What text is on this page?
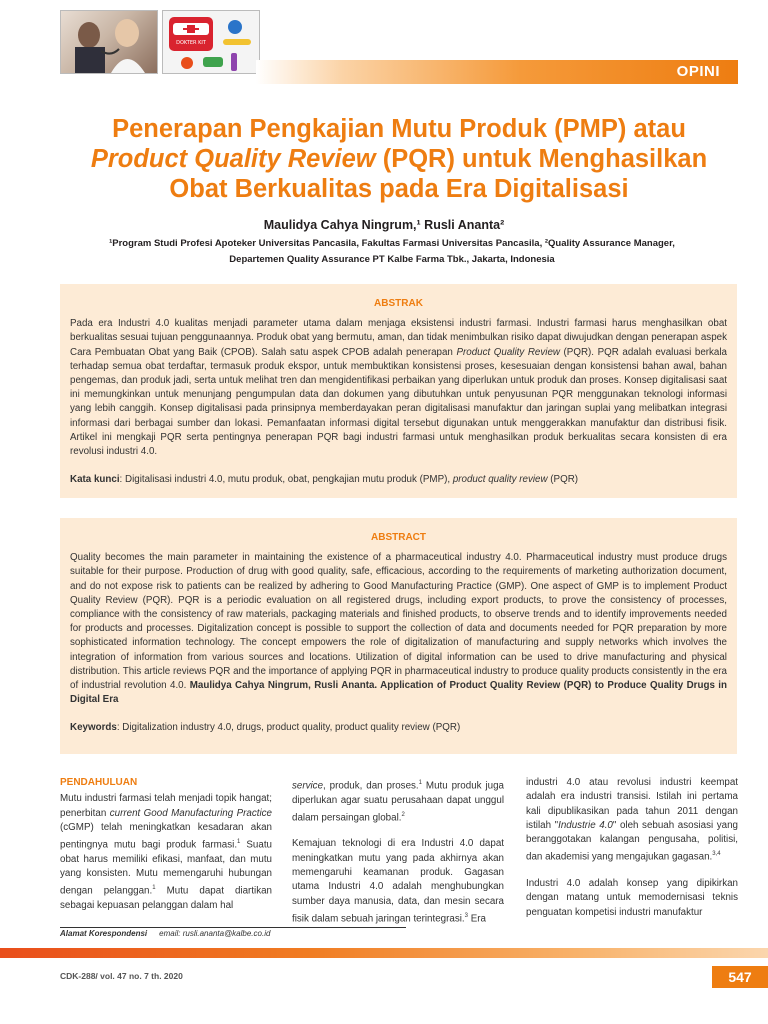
DOKTER KIT
OPINI
Penerapan Pengkajian Mutu Produk (PMP) atau
Product Quality Review (PQR) untuk Menghasilkan
Obat Berkualitas pada Era Digitalisasi
Maulidya Cahya Ningrum,¹ Rusli Ananta²
¹Program Studi Profesi Apoteker Universitas Pancasila, Fakultas Farmasi Universitas Pancasila, ²Quality Assurance Manager,
Departemen Quality Assurance PT Kalbe Farma Tbk., Jakarta, Indonesia
ABSTRAK
Pada era Industri 4.0 kualitas menjadi parameter utama dalam menjaga eksistensi industri farmasi. Industri farmasi harus menghasilkan obat berkualitas sesuai tujuan penggunaannya. Produk obat yang bermutu, aman, dan tidak menimbulkan risiko dapat diwujudkan dengan penerapan aspek Cara Pembuatan Obat yang Baik (CPOB). Salah satu aspek CPOB adalah penerapan Product Quality Review (PQR). PQR adalah evaluasi berkala terhadap semua obat terdaftar, termasuk produk ekspor, untuk membuktikan konsistensi proses, kesesuaian dengan konsistensi bahan awal, bahan pengemas, dan produk jadi, serta untuk melihat tren dan mengidentifikasi perbaikan yang diperlukan untuk produk dan proses. Konsep digitalisasi saat ini memungkinkan untuk menunjang pengumpulan data dan dokumen yang dibutuhkan untuk penyusunan PQR menggunakan teknologi informasi yang lebih canggih. Konsep digitalisasi pada prinsipnya memberdayakan peran digitalisasi manufaktur dan jaringan suplai yang melibatkan integrasi informasi dari berbagai sumber dan lokasi. Pemanfaatan informasi digital tersebut digunakan untuk menggerakkan manufaktur dan distribusi fisik. Artikel ini mengkaji PQR serta pentingnya penerapan PQR bagi industri farmasi untuk menghasilkan produk berkualitas secara konsisten di era revolusi industri 4.0.
Kata kunci: Digitalisasi industri 4.0, mutu produk, obat, pengkajian mutu produk (PMP), product quality review (PQR)
ABSTRACT
Quality becomes the main parameter in maintaining the existence of a pharmaceutical industry 4.0. Pharmaceutical industry must produce drugs suitable for their purpose. Production of drug with good quality, safe, efficacious, according to the requirements of marketing authorization document, and do not expose risk to patients can be realized by adhering to Good Manufacturing Practice (GMP). One aspect of GMP is to implement Product Quality Review (PQR). PQR is a periodic evaluation on all registered drugs, including export products, to prove the consistency of processes, compliance with the consistency of raw materials, packaging materials and finished products, to observe trends and to identify improvements needed for products and processes. Digitalization concept is possible to support the collection of data and documents needed for PQR preparation by more sophisticated information technology. The concept empowers the role of digitalization of manufacturing and supply networks which involves the integration of information from various sources and locations. Utilization of digital information can be used to drive manufacturing and physical distribution. This article reviews PQR and the importance of applying PQR in pharmaceutical industry to produce quality products consistently in the era of industrial revolution 4.0. Maulidya Cahya Ningrum, Rusli Ananta. Application of Product Quality Review (PQR) to Produce Quality Drugs in Digital Era
Keywords: Digitalization industry 4.0, drugs, product quality, product quality review (PQR)
PENDAHULUAN
Mutu industri farmasi telah menjadi topik hangat; penerbitan current Good Manufacturing Practice (cGMP) telah meningkatkan kesadaran akan pentingnya mutu bagi produk farmasi.$^1$ Suatu obat harus memiliki efikasi, manfaat, dan mutu yang konsisten. Mutu memengaruhi hubungan dengan pelanggan.$^1$ Mutu dapat diartikan sebagai kepuasan pelanggan dalam hal
service, produk, dan proses.$^1$ Mutu produk juga diperlukan agar suatu perusahaan dapat unggul dalam persaingan global.$^2$
Kemajuan teknologi di era Industri 4.0 dapat meningkatkan mutu yang pada akhirnya akan memengaruhi keamanan produk. Gagasan utama Industri 4.0 adalah menghubungkan sumber daya manusia, data, dan mesin secara fisik dalam sebuah jaringan terintegrasi.$^3$ Era
industri 4.0 atau revolusi industri keempat adalah era industri transisi. Istilah ini pertama kali dipublikasikan pada tahun 2011 dengan istilah "Industrie 4.0" oleh sebuah asosiasi yang beranggotakan kalangan pengusaha, politisi, dan akademisi yang mengajukan gagasan.$^{3,4}$
Industri 4.0 adalah konsep yang dipikirkan dengan matang untuk memodernisasi teknis penguatan kompetisi industri manufaktur
Alamat Korespondensi email: rusli.ananta@kalbe.co.id
CDK-288/ vol. 47 no. 7 th. 2020	547
